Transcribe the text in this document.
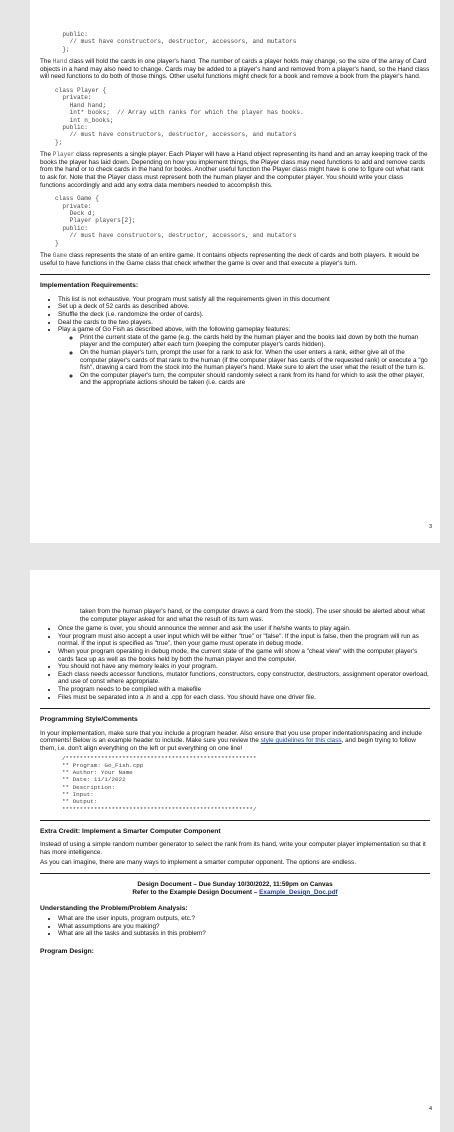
public:
// must have constructors, destructor, accessors, and mutators
};

The Hand class will hold the cards in one player's hand. The number of cards a player holds may change, so the size of the array of Card objects in a hand may also need to change. Cards may be added to a player's hand and removed from a player's hand, so the Hand class will need functions to do both of those things. Other useful functions might check for a book and remove a book from the player's hand.

class Player {
private:
Hand hand;
int* books;  // Array with ranks for which the player has books.
int n_books;
public:
// must have constructors, destructor, accessors, and mutators
};

The Player class represents a single player. Each Player will have a Hand object representing its hand and an array keeping track of the books the player has laid down. Depending on how you implement things, the Player class may need functions to add and remove cards from the hand or to check cards in the hand for books. Another useful function the Player class might have is one to figure out what rank to ask for. Note that the Player class must represent both the human player and the computer player. You should write your class functions accordingly and add any extra data members needed to accomplish this.

class Game {
private:
Deck d;
Player players[2];
public:
// must have constructors, destructor, accessors, and mutators
}

The Game class represents the state of an entire game. It contains objects representing the deck of cards and both players. It would be useful to have functions in the Game class that check whether the game is over and that execute a player's turn.

Implementation Requirements:
• This list is not exhaustive. Your program must satisfy all the requirements given in this document
• Set up a deck of 52 cards as described above.
• Shuffle the deck (i.e. randomize the order of cards).
• Deal the cards to the two players.
• Play a game of Go Fish as described above, with the following gameplay features:
◦ Print the current state of the game (e.g. the cards held by the human player and the books laid down by both the human player and the computer) after each turn (keeping the computer player's cards hidden).
◦ On the human player's turn, prompt the user for a rank to ask for. When the user enters a rank, either give all of the computer player's cards of that rank to the human (if the computer player has cards of the requested rank) or execute a "go fish", drawing a card from the stock into the human player's hand. Make sure to alert the user what the result of the turn is.
◦ On the computer player's turn, the computer should randomly select a rank from its hand for which to ask the other player, and the appropriate actions should be taken (i.e. cards are
3

taken from the human player's hand, or the computer draws a card from the stock). The user should be alerted about what the computer player asked for and what the result of its turn was.

• Once the game is over, you should announce the winner and ask the user if he/she wants to play again.
• Your program must also accept a user input which will be either "true" or "false". If the input is false, then the program will run as normal. If the input is specified as "true", then your game must operate in debug mode.
• When your program operating in debug mode, the current state of the game will show a "cheat view" with the computer player's cards face up as well as the books held by both the human player and the computer.
• You should not have any memory leaks in your program.
• Each class needs accessor functions, mutator functions, constructors, copy constructor, destructors, assignment operator overload, and use of const where appropriate.
• The program needs to be compiled with a makefile
• Files must be separated into a .h and a .cpp for each class. You should have one driver file.
Programming Style/Comments

In your implementation, make sure that you include a program header. Also ensure that you use proper indentation/spacing and include comments! Below is an example header to include. Make sure you review the style guidelines for this class, and begin trying to follow them, i.e. don't align everything on the left or put everything on one line!

/******************************************************
** Program: Go_Fish.cpp
** Author: Your Name
** Date: 11/1/2022
** Description:
** Input:
** Output:
******************************************************/
Extra Credit: Implement a Smarter Computer Component

Instead of using a simple random number generator to select the rank from its hand, write your computer player implementation so that it has more intelligence.

As you can imagine, there are many ways to implement a smarter computer opponent. The options are endless.

Design Document – Due Sunday 10/30/2022, 11:59pm on Canvas
Refer to the Example Design Document – Example_Design_Doc.pdf
Understanding the Problem/Problem Analysis:
• What are the user inputs, program outputs, etc.?
• What assumptions are you making?
• What are all the tasks and subtasks in this problem?
Program Design:
4
